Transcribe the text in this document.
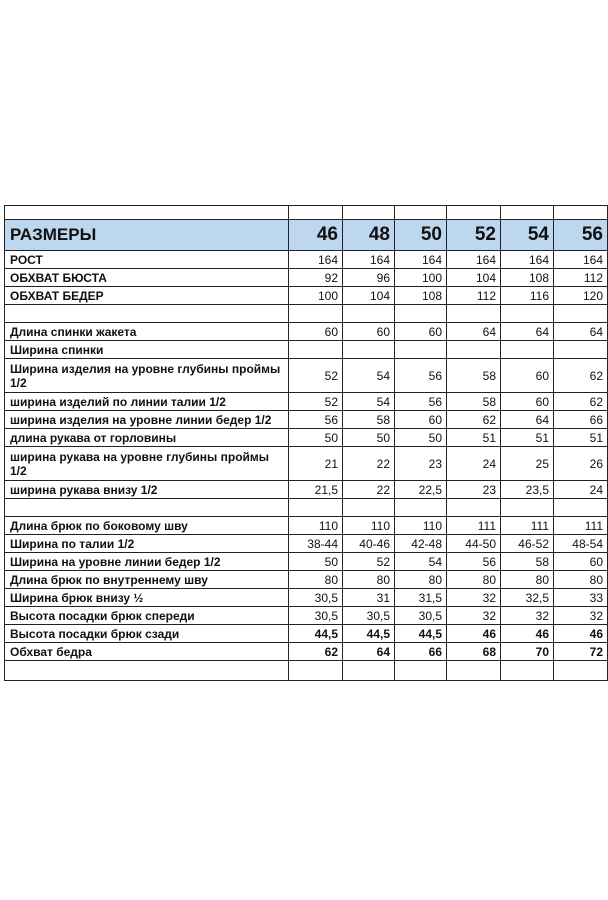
РАЗМЕРЫ	46	48	50	52	54	56
РОСТ	164	164	164	164	164	164
ОБХВАТ БЮСТА	92	96	100	104	108	112
ОБХВАТ БЕДЕР	100	104	108	112	116	120

Длина спинки жакета	60	60	60	64	64	64
Ширина спинки						
Ширина изделия на уровне глубины проймы 1/2	52	54	56	58	60	62
ширина изделий по линии талии 1/2	52	54	56	58	60	62
ширина изделия на уровне линии бедер 1/2	56	58	60	62	64	66
длина рукава от горловины	50	50	50	51	51	51
ширина рукава на уровне глубины проймы 1/2	21	22	23	24	25	26
ширина рукава внизу 1/2	21,5	22	22,5	23	23,5	24

Длина брюк по боковому шву	110	110	110	111	111	111
Ширина по талии 1/2	38-44	40-46	42-48	44-50	46-52	48-54
Ширина на уровне линии бедер 1/2	50	52	54	56	58	60
Длина брюк по внутреннему шву	80	80	80	80	80	80
Ширина брюк внизу ½	30,5	31	31,5	32	32,5	33
Высота посадки брюк спереди	30,5	30,5	30,5	32	32	32
Высота посадки брюк сзади	44,5	44,5	44,5	46	46	46
Обхват бедра	62	64	66	68	70	72
